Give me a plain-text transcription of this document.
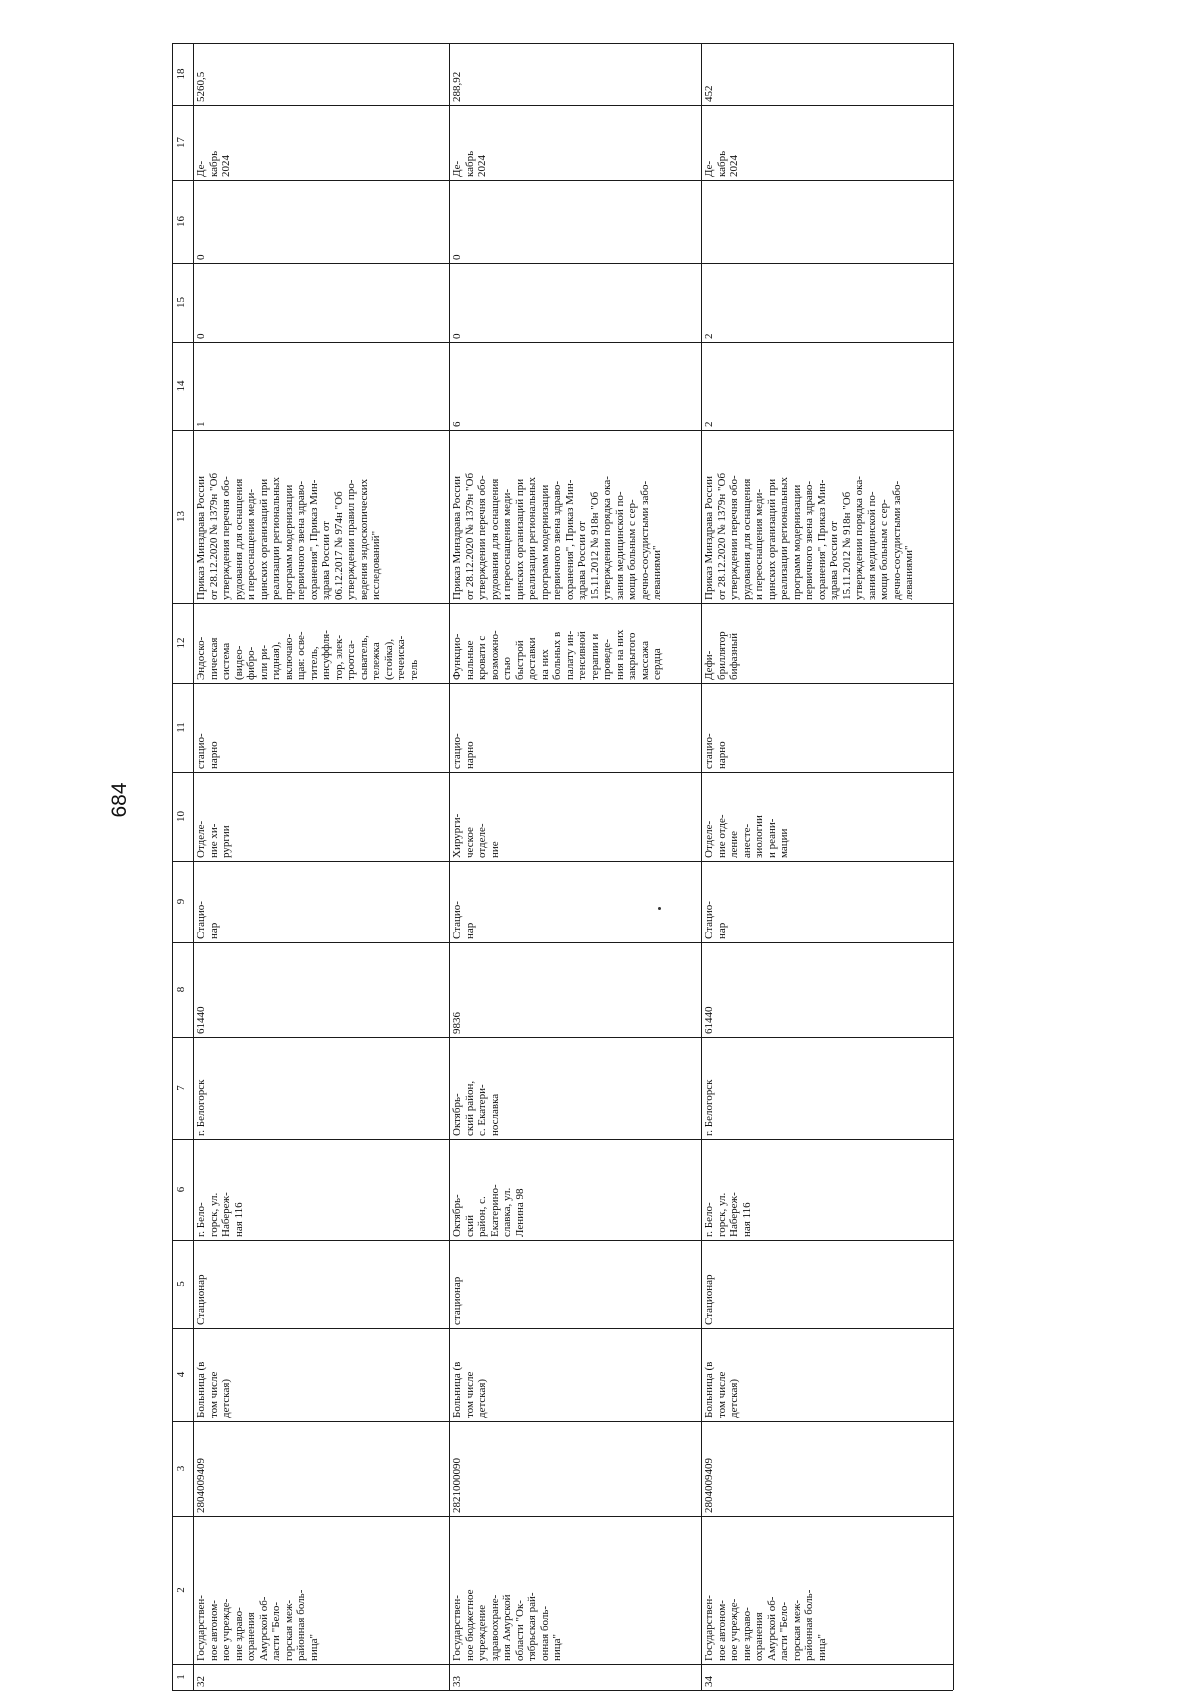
684
1
2
3
4
5
6
7
8
9
10
11
12
13
14
15
16
17
18
32
Государствен-
ное автоном-
ное учрежде-
ние здраво-
охранения
Амурской об-
ласти "Бело-
горская меж-
районная боль-
ница"
2804009409
Больница (в
том числе
детская)
Стационар
г. Бело-
горск, ул.
Набереж-
ная 116
г. Белогорск
61440
Стацио-
нар
Отделе-
ние хи-
рургии
стацио-
нарно
Эндоско-
пическая
система
(видео-
фибро-
или ри-
гидная),
включаю-
щая: осве-
титель,
инсуффля-
тор, элек-
троотса-
сыватель,
тележка
(стойка),
течеиска-
тель
Приказ Минздрава России
от 28.12.2020 № 1379н "Об
утверждения перечня обо-
рудования для оснащения
и переоснащения меди-
цинских организаций при
реализации региональных
программ модернизации
первичного звена здраво-
охранения", Приказ Мин-
здрава России от
06.12.2017 № 974н "Об
утверждении правил про-
ведения эндоскопических
исследований"
1
0
0
Де-
кабрь
2024
5260,5
33
Государствен-
ное бюджетное
учреждение
здравоохране-
ния Амурской
области "Ок-
тябрьская рай-
онная боль-
ница"
2821000090
Больница (в
том числе
детская)
стационар
Октябрь-
ский
район, с.
Екатерино-
славка, ул.
Ленина 98
Октябрь-
ский район,
с. Екатери-
нославка
9836
Стацио-
нар
Хирурги-
ческое
отделе-
ние
стацио-
нарно
Функцио-
нальные
кровати с
возможно-
стью
быстрой
доставки
на них
больных в
палату ин-
тенсивной
терапии и
проведе-
ния на них
закрытого
массажа
сердца
Приказ Минздрава России
от 28.12.2020 № 1379н "Об
утверждении перечня обо-
рудования для оснащения
и переоснащения меди-
цинских организаций при
реализации региональных
программ модернизации
первичного звена здраво-
охранения", Приказ Мин-
здрава России от
15.11.2012 № 918н "Об
утверждении порядка ока-
зания медицинской по-
мощи больным с сер-
дечно-сосудистыми забо-
леваниями"
6
0
0
Де-
кабрь
2024
288,92
34
Государствен-
ное автоном-
ное учрежде-
ние здраво-
охранения
Амурской об-
ласти "Бело-
горская меж-
районная боль-
ница"
2804009409
Больница (в
том числе
детская)
Стационар
г. Бело-
горск, ул.
Набереж-
ная 116
г. Белогорск
61440
Стацио-
нар
Отделе-
ние отде-
ление
анесте-
зиологии
и реани-
мации
стацио-
нарно
Дефи-
бриллятор
бифазный
Приказ Минздрава России
от 28.12.2020 № 1379н "Об
утверждении перечня обо-
рудования для оснащения
и переоснащения меди-
цинских организаций при
реализации региональных
программ модернизации
первичного звена здраво-
охранения", Приказ Мин-
здрава России от
15.11.2012 № 918н "Об
утверждении порядка ока-
зания медицинской по-
мощи больным с сер-
дечно-сосудистыми забо-
леваниями"
2
2
Де-
кабрь
2024
452
